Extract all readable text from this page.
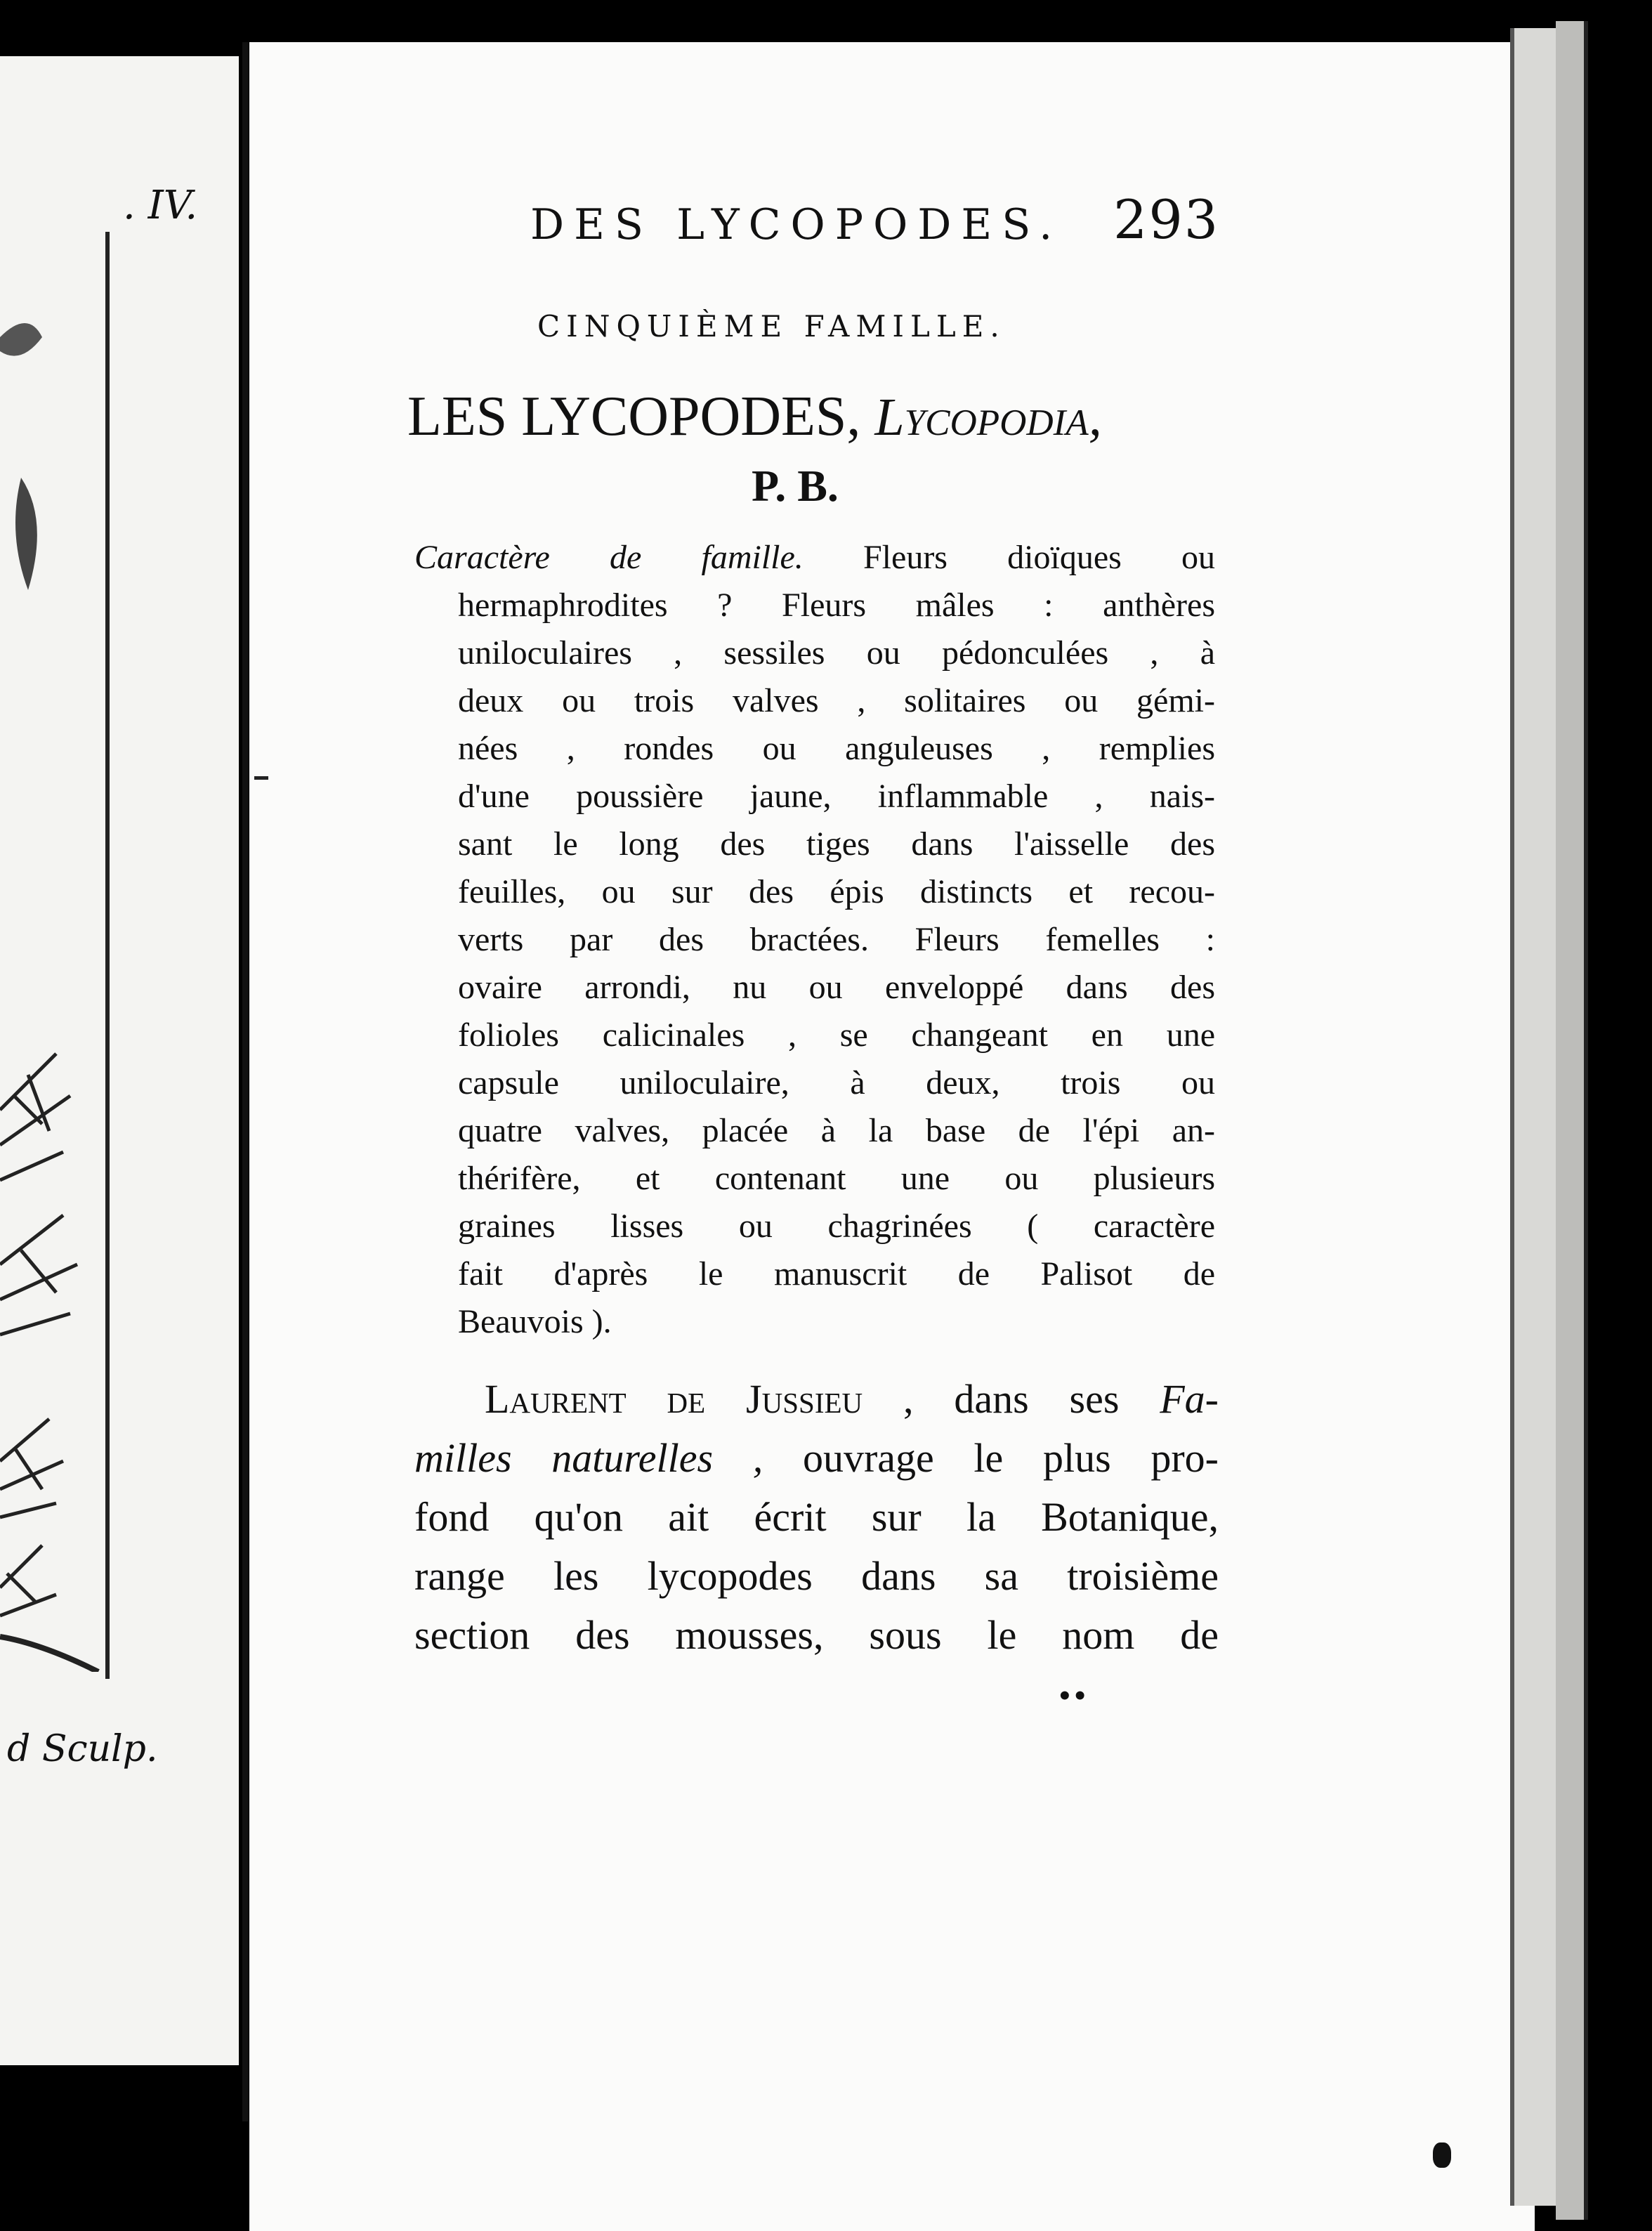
. IV.
d Sculp.
DES LYCOPODES. 293
CINQUIÈME FAMILLE.
LES LYCOPODES, Lycopodia,
P. B.
Caractère de famille. Fleurs dioïques ou
hermaphrodites ? Fleurs mâles : anthères
uniloculaires , sessiles ou pédonculées , à
deux ou trois valves , solitaires ou gémi-
nées , rondes ou anguleuses , remplies
d'une poussière jaune, inflammable , nais-
sant le long des tiges dans l'aisselle des
feuilles, ou sur des épis distincts et recou-
verts par des bractées. Fleurs femelles :
ovaire arrondi, nu ou enveloppé dans des
folioles calicinales , se changeant en une
capsule uniloculaire, à deux, trois ou
quatre valves, placée à la base de l'épi an-
thérifère, et contenant une ou plusieurs
graines lisses ou chagrinées ( caractère
fait d'après le manuscrit de Palisot de
Beauvois ).
Laurent de Jussieu , dans ses Fa-
milles naturelles , ouvrage le plus pro-
fond qu'on ait écrit sur la Botanique,
range les lycopodes dans sa troisième
section des mousses, sous le nom de
••
